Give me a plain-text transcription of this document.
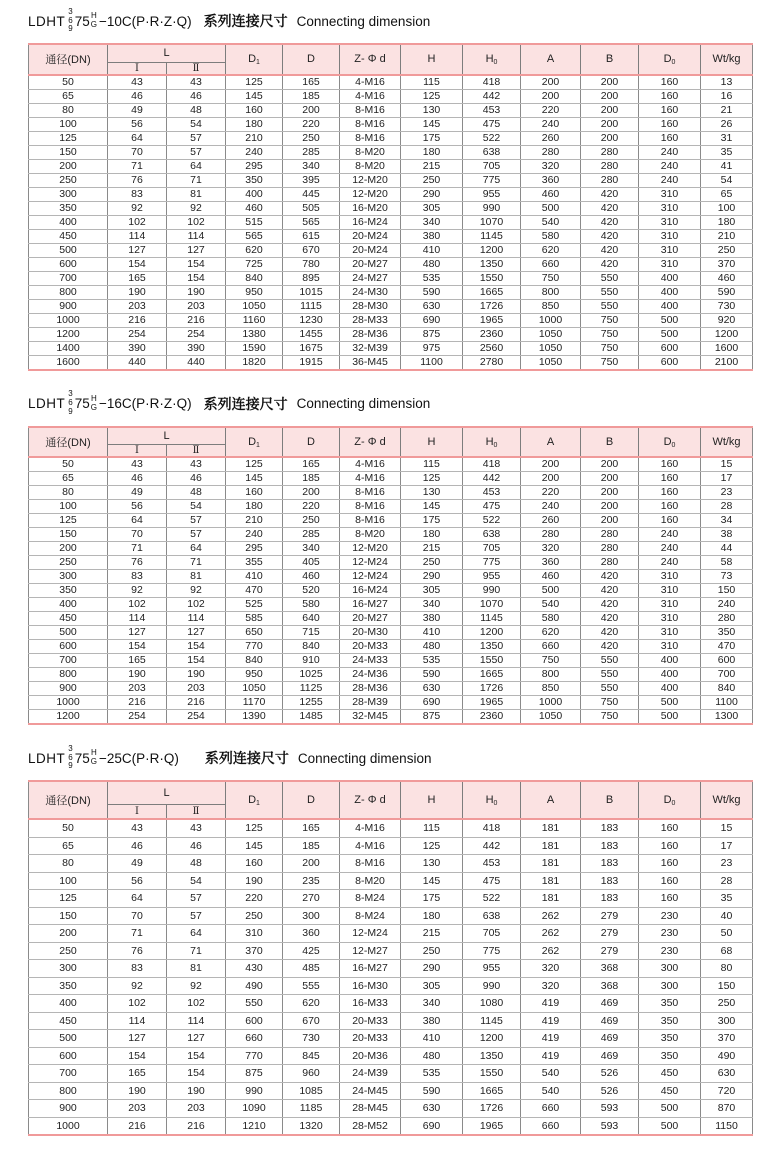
LDHT
3
6
9
75 H
G −10C(P·R·Z·Q) 系列连接尺寸 Connecting dimension
通径(DN)	L		$D_1$	D	Z- Φ d	H	$H_0$	A	B	$D_0$	Wt/kg
	Ⅰ	Ⅱ									
50	43	43	125	165	4-M16	115	418	200	200	160	13
65	46	46	145	185	4-M16	125	442	200	200	160	16
80	49	48	160	200	8-M16	130	453	220	200	160	21
100	56	54	180	220	8-M16	145	475	240	200	160	26
125	64	57	210	250	8-M16	175	522	260	200	160	31
150	70	57	240	285	8-M20	180	638	280	280	240	35
200	71	64	295	340	8-M20	215	705	320	280	240	41
250	76	71	350	395	12-M20	250	775	360	280	240	54
300	83	81	400	445	12-M20	290	955	460	420	310	65
350	92	92	460	505	16-M20	305	990	500	420	310	100
400	102	102	515	565	16-M24	340	1070	540	420	310	180
450	114	114	565	615	20-M24	380	1145	580	420	310	210
500	127	127	620	670	20-M24	410	1200	620	420	310	250
600	154	154	725	780	20-M27	480	1350	660	420	310	370
700	165	154	840	895	24-M27	535	1550	750	550	400	460
800	190	190	950	1015	24-M30	590	1665	800	550	400	590
900	203	203	1050	1115	28-M30	630	1726	850	550	400	730
1000	216	216	1160	1230	28-M33	690	1965	1000	750	500	920
1200	254	254	1380	1455	28-M36	875	2360	1050	750	500	1200
1400	390	390	1590	1675	32-M39	975	2560	1050	750	600	1600
1600	440	440	1820	1915	36-M45	1100	2780	1050	750	600	2100
LDHT
3
6
9
75 H
G −16C(P·R·Z·Q) 系列连接尺寸 Connecting dimension
通径(DN)	L		$D_1$	D	Z- Φ d	H	$H_0$	A	B	$D_0$	Wt/kg
	Ⅰ	Ⅱ									
50	43	43	125	165	4-M16	115	418	200	200	160	15
65	46	46	145	185	4-M16	125	442	200	200	160	17
80	49	48	160	200	8-M16	130	453	220	200	160	23
100	56	54	180	220	8-M16	145	475	240	200	160	28
125	64	57	210	250	8-M16	175	522	260	200	160	34
150	70	57	240	285	8-M20	180	638	280	280	240	38
200	71	64	295	340	12-M20	215	705	320	280	240	44
250	76	71	355	405	12-M24	250	775	360	280	240	58
300	83	81	410	460	12-M24	290	955	460	420	310	73
350	92	92	470	520	16-M24	305	990	500	420	310	150
400	102	102	525	580	16-M27	340	1070	540	420	310	240
450	114	114	585	640	20-M27	380	1145	580	420	310	280
500	127	127	650	715	20-M30	410	1200	620	420	310	350
600	154	154	770	840	20-M33	480	1350	660	420	310	470
700	165	154	840	910	24-M33	535	1550	750	550	400	600
800	190	190	950	1025	24-M36	590	1665	800	550	400	700
900	203	203	1050	1125	28-M36	630	1726	850	550	400	840
1000	216	216	1170	1255	28-M39	690	1965	1000	750	500	1100
1200	254	254	1390	1485	32-M45	875	2360	1050	750	500	1300
LDHT
3
6
9
75 H
G −25C(P·R·Q) 系列连接尺寸 Connecting dimension
通径(DN)	L		$D_1$	D	Z- Φ d	H	$H_0$	A	B	$D_0$	Wt/kg
	Ⅰ	Ⅱ									
50	43	43	125	165	4-M16	115	418	181	183	160	15
65	46	46	145	185	4-M16	125	442	181	183	160	17
80	49	48	160	200	8-M16	130	453	181	183	160	23
100	56	54	190	235	8-M20	145	475	181	183	160	28
125	64	57	220	270	8-M24	175	522	181	183	160	35
150	70	57	250	300	8-M24	180	638	262	279	230	40
200	71	64	310	360	12-M24	215	705	262	279	230	50
250	76	71	370	425	12-M27	250	775	262	279	230	68
300	83	81	430	485	16-M27	290	955	320	368	300	80
350	92	92	490	555	16-M30	305	990	320	368	300	150
400	102	102	550	620	16-M33	340	1080	419	469	350	250
450	114	114	600	670	20-M33	380	1145	419	469	350	300
500	127	127	660	730	20-M33	410	1200	419	469	350	370
600	154	154	770	845	20-M36	480	1350	419	469	350	490
700	165	154	875	960	24-M39	535	1550	540	526	450	630
800	190	190	990	1085	24-M45	590	1665	540	526	450	720
900	203	203	1090	1185	28-M45	630	1726	660	593	500	870
1000	216	216	1210	1320	28-M52	690	1965	660	593	500	1150
